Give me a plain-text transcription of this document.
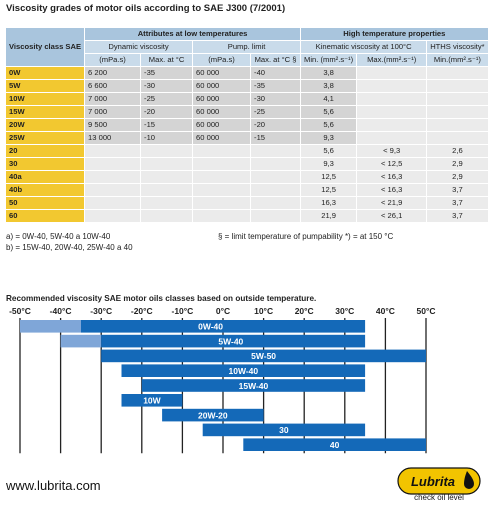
Viscosity grades of motor oils according to SAE J300 (7/2001)
Viscosity class SAE	Attributes at low temperatures				High temperature properties		
	Dynamic viscosity		Pump. limit		Kinematic viscosity at 100°C		HTHS viscosity*
	(mPa.s)	Max. at °C	(mPa.s)	Max. at °C §	Min. (mm².s⁻¹)	Max.(mm².s⁻¹)	Min.(mm².s⁻¹)
0W	6 200	-35	60 000	-40	3,8		
5W	6 600	-30	60 000	-35	3,8		
10W	7 000	-25	60 000	-30	4,1		
15W	7 000	-20	60 000	-25	5,6		
20W	9 500	-15	60 000	-20	5,6		
25W	13 000	-10	60 000	-15	9,3		
20					5,6	< 9,3	2,6
30					9,3	< 12,5	2,9
40a					12,5	< 16,3	2,9
40b					12,5	< 16,3	3,7
50					16,3	< 21,9	3,7
60					21,9	< 26,1	3,7
a) = 0W-40, 5W-40 a 10W-40
b) = 15W-40, 20W-40, 25W-40 a 40
§ = limit temperature of pumpability *) = at 150 °C
Recommended viscosity SAE motor oils classes based on outside temperature.
-50°C -40°C -30°C -20°C -10°C	0°C	10°C	20°C	30°C	40°C	50°C
0W-40
5W-40
5W-50
10W-40
15W-40
10W
20W-20
30
40
www.lubrita.com	Lubrita
check oil level
